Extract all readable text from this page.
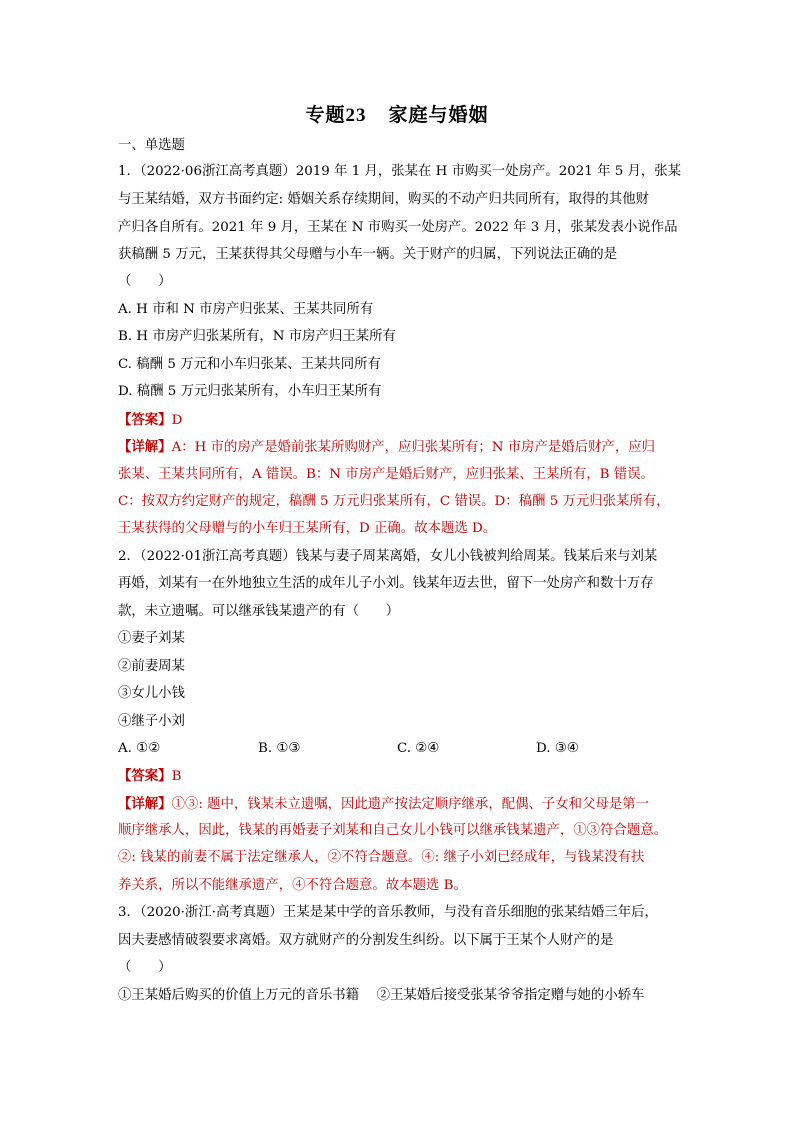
专题23 家庭与婚姻
一、单选题
1．（2022·06浙江高考真题）2019 年 1 月，张某在 H 市购买一处房产。2021 年 5 月，张某
与王某结婚，双方书面约定: 婚姻关系存续期间，购买的不动产归共同所有，取得的其他财
产归各自所有。2021 年 9 月，王某在 N 市购买一处房产。2022 年 3 月，张某发表小说作品
获稿酬 5 万元，王某获得其父母赠与小车一辆。关于财产的归属，下列说法正确的是
（　　）
A. H 市和 N 市房产归张某、王某共同所有
B. H 市房产归张某所有，N 市房产归王某所有
C. 稿酬 5 万元和小车归张某、王某共同所有
D. 稿酬 5 万元归张某所有，小车归王某所有
【答案】D
【详解】A：H 市的房产是婚前张某所购财产，应归张某所有；N 市房产是婚后财产，应归
张某、王某共同所有，A 错误。B：N 市房产是婚后财产，应归张某、王某所有，B 错误。
C：按双方约定财产的规定，稿酬 5 万元归张某所有，C 错误。D：稿酬 5 万元归张某所有，
王某获得的父母赠与的小车归王某所有，D 正确。故本题选 D。
2．（2022·01浙江高考真题）钱某与妻子周某离婚，女儿小钱被判给周某。钱某后来与刘某
再婚，刘某有一在外地独立生活的成年儿子小刘。钱某年迈去世，留下一处房产和数十万存
款，未立遗嘱。可以继承钱某遗产的有（　　）
①妻子刘某
②前妻周某
③女儿小钱
④继子小刘
A. ①②	B. ①③	C. ②④	D. ③④
【答案】B
【详解】①③: 题中，钱某未立遗嘱，因此遗产按法定顺序继承，配偶、子女和父母是第一
顺序继承人，因此，钱某的再婚妻子刘某和自己女儿小钱可以继承钱某遗产，①③符合题意。
②: 钱某的前妻不属于法定继承人，②不符合题意。④: 继子小刘已经成年，与钱某没有扶
养关系，所以不能继承遗产，④不符合题意。故本题选 B。
3．（2020·浙江·高考真题）王某是某中学的音乐教师，与没有音乐细胞的张某结婚三年后，
因夫妻感情破裂要求离婚。双方就财产的分割发生纠纷。以下属于王某个人财产的是
（　　）
①王某婚后购买的价值上万元的音乐书籍　 ②王某婚后接受张某爷爷指定赠与她的小轿车
